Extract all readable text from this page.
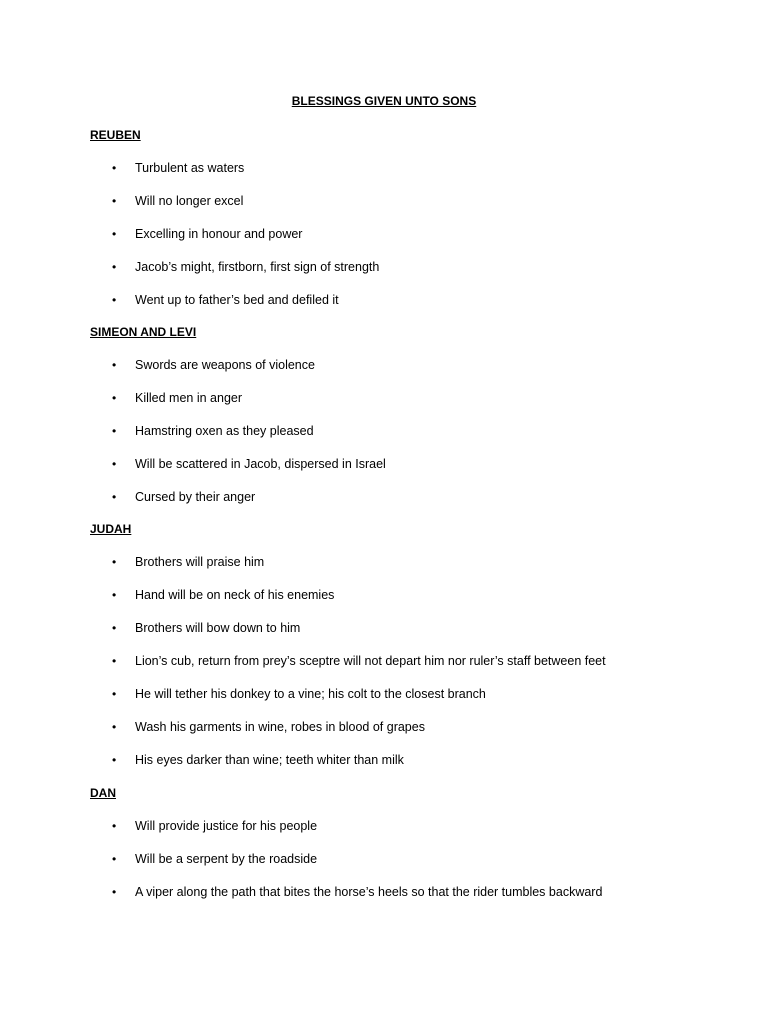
BLESSINGS GIVEN UNTO SONS
REUBEN
• Turbulent as waters
• Will no longer excel
• Excelling in honour and power
• Jacob’s might, firstborn, first sign of strength
• Went up to father’s bed and defiled it
SIMEON AND LEVI
• Swords are weapons of violence
• Killed men in anger
• Hamstring oxen as they pleased
• Will be scattered in Jacob, dispersed in Israel
• Cursed by their anger
JUDAH
• Brothers will praise him
• Hand will be on neck of his enemies
• Brothers will bow down to him
• Lion’s cub, return from prey’s sceptre will not depart him nor ruler’s staff between feet
• He will tether his donkey to a vine; his colt to the closest branch
• Wash his garments in wine, robes in blood of grapes
• His eyes darker than wine; teeth whiter than milk
DAN
• Will provide justice for his people
• Will be a serpent by the roadside
• A viper along the path that bites the horse’s heels so that the rider tumbles backward
